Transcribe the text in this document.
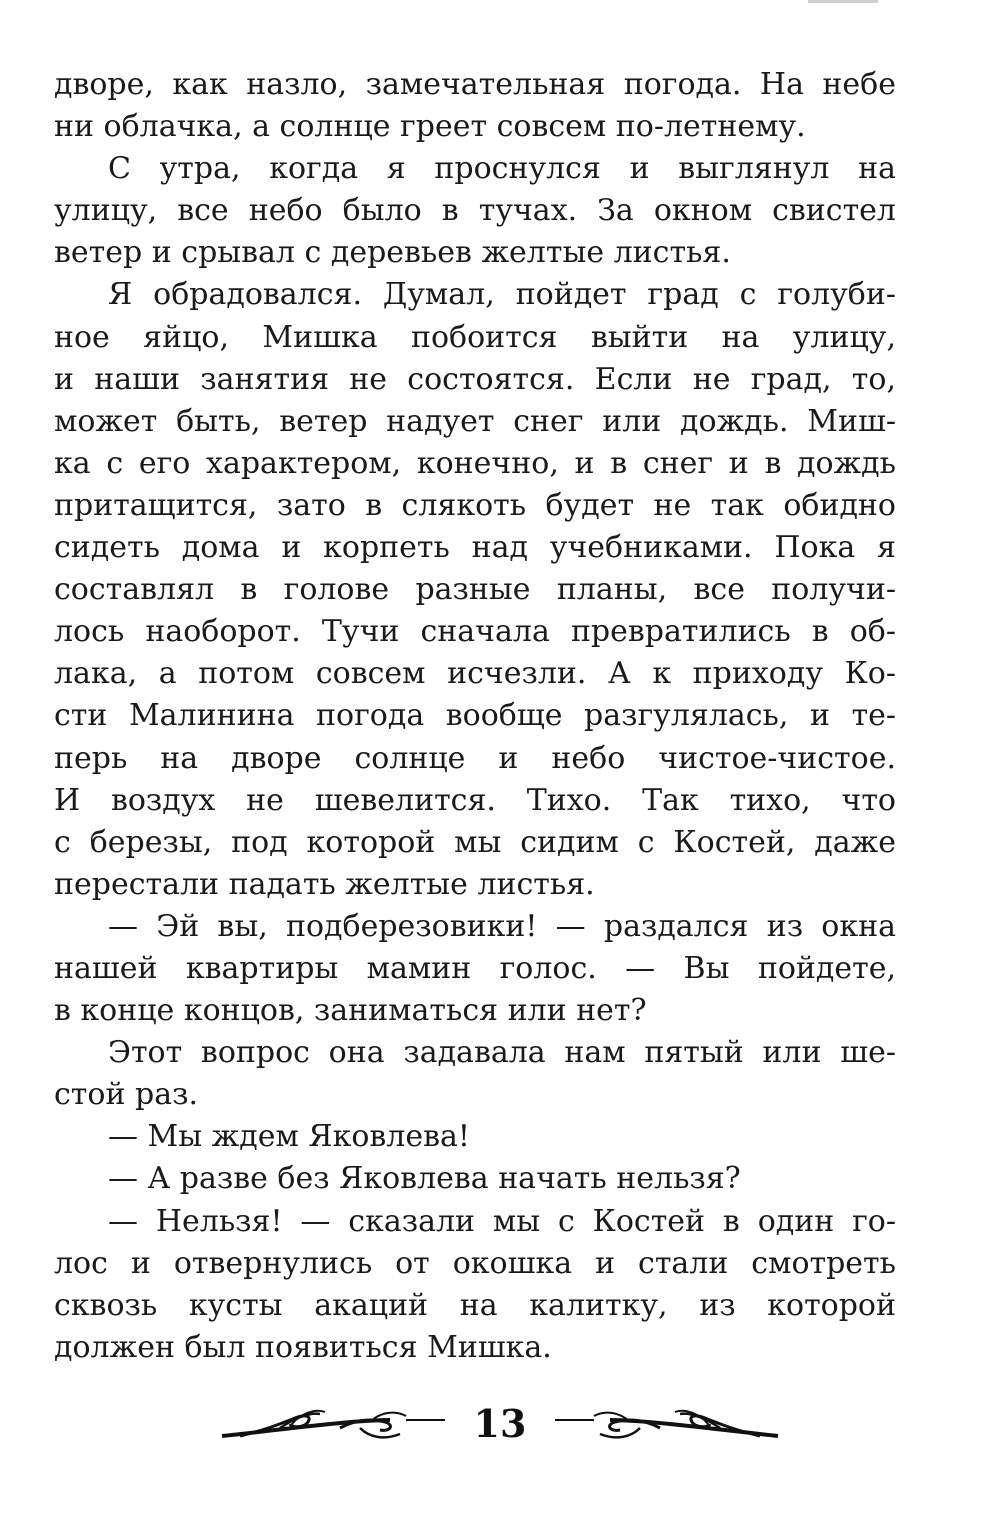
дворе, как назло, замечательная погода. На небе
ни облачка, а солнце греет совсем по-летнему.
С утра, когда я проснулся и выглянул на
улицу, все небо было в тучах. За окном свистел
ветер и срывал с деревьев желтые листья.
Я обрадовался. Думал, пойдет град с голуби-
ное яйцо, Мишка побоится выйти на улицу,
и наши занятия не состоятся. Если не град, то,
может быть, ветер надует снег или дождь. Миш-
ка с его характером, конечно, и в снег и в дождь
притащится, зато в слякоть будет не так обидно
сидеть дома и корпеть над учебниками. Пока я
составлял в голове разные планы, все получи-
лось наоборот. Тучи сначала превратились в об-
лака, а потом совсем исчезли. А к приходу Ко-
сти Малинина погода вообще разгулялась, и те-
перь на дворе солнце и небо чистое-чистое.
И воздух не шевелится. Тихо. Так тихо, что
с березы, под которой мы сидим с Костей, даже
перестали падать желтые листья.
— Эй вы, подберезовики! — раздался из окна
нашей квартиры мамин голос. — Вы пойдете,
в конце концов, заниматься или нет?
Этот вопрос она задавала нам пятый или ше-
стой раз.
— Мы ждем Яковлева!
— А разве без Яковлева начать нельзя?
— Нельзя! — сказали мы с Костей в один го-
лос и отвернулись от окошка и стали смотреть
сквозь кусты акаций на калитку, из которой
должен был появиться Мишка.
13
